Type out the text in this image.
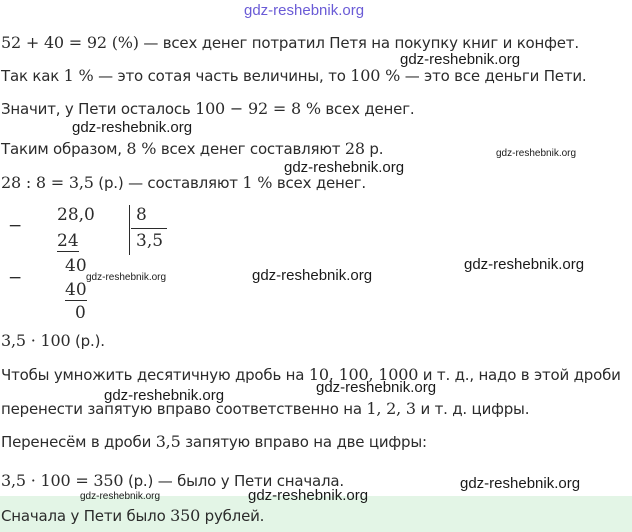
gdz-reshebnik.org
52 + 40 = 92 (%) — всех денег потратил Петя на покупку книг и конфет.
gdz-reshebnik.org
Так как 1 % — это сотая часть величины, то 100 % — это все деньги Пети.
Значит, у Пети осталось 100 − 92 = 8 % всех денег.
gdz-reshebnik.org
Таким образом, 8 % всех денег составляют 28 р.	gdz-reshebnik.org
gdz-reshebnik.org
28 : 8 = 3,5 (р.) — составляют 1 % всех денег.
−
28,0
24
8
3,5
−
40
40
0
gdz-reshebnik.org	gdz-reshebnik.org
gdz-reshebnik.org
3,5 · 100 (р.).
Чтобы умножить десятичную дробь на 10, 100, 1000 и т. д., надо в этой дроби
gdz-reshebnik.org
gdz-reshebnik.org
перенести запятую вправо соответственно на 1, 2, 3 и т. д. цифры.
Перенесём в дроби 3,5 запятую вправо на две цифры:
3,5 · 100 = 350 (р.) — было у Пети сначала.	gdz-reshebnik.org
gdz-reshebnik.org	gdz-reshebnik.org
Сначала у Пети было 350 рублей.
